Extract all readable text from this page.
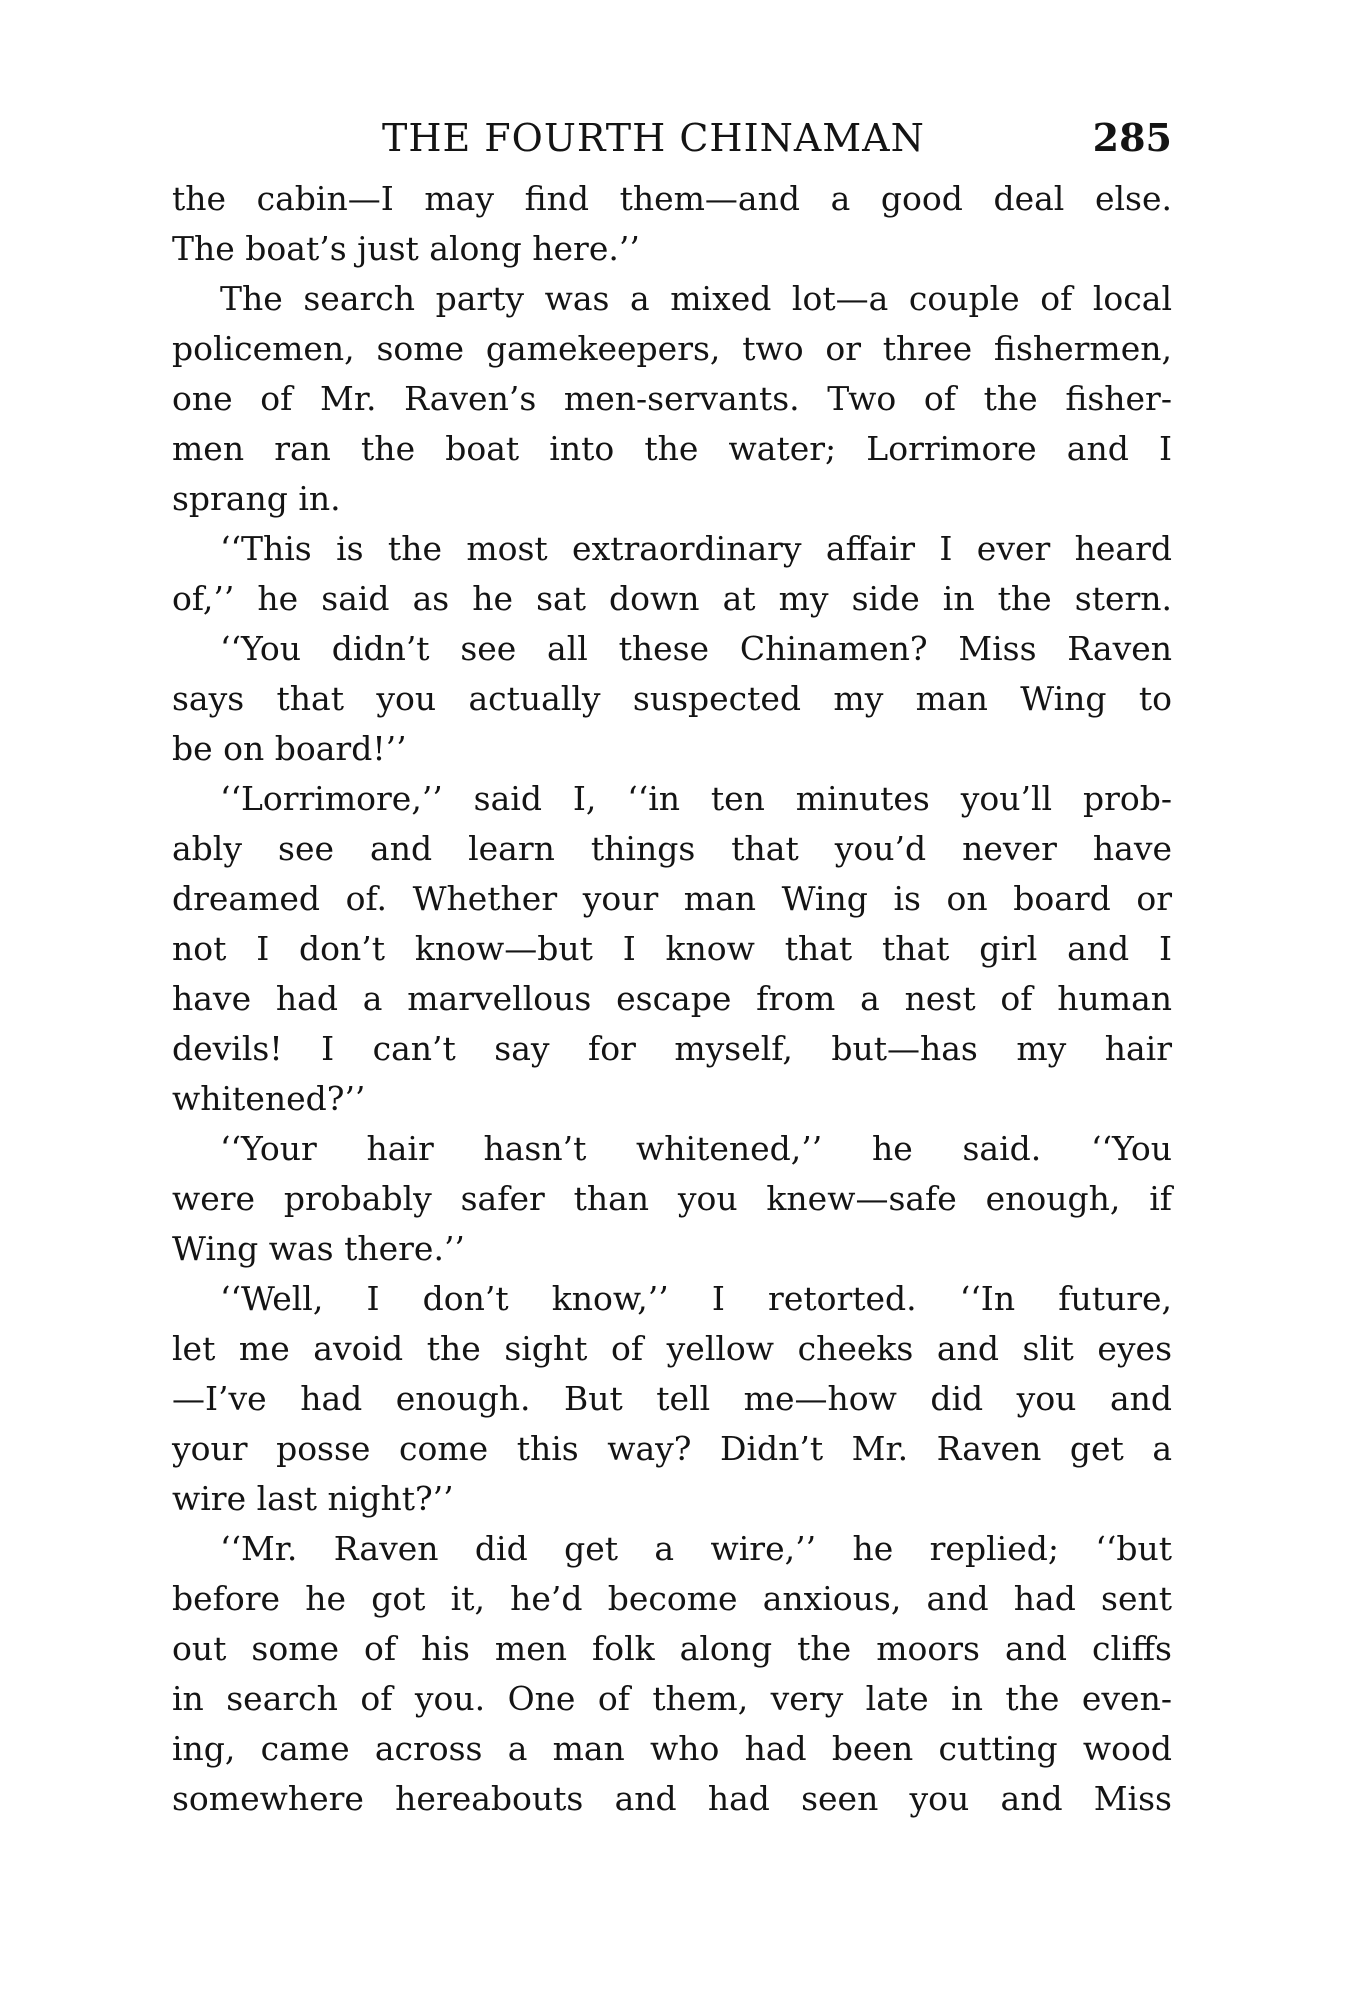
THE FOURTH CHINAMAN	285
the cabin—I may find them—and a good deal else.
The boat’s just along here.’’
The search party was a mixed lot—a couple of local
policemen, some gamekeepers, two or three fishermen,
one of Mr. Raven’s men-servants. Two of the fisher-
men ran the boat into the water; Lorrimore and I
sprang in.
‘‘This is the most extraordinary affair I ever heard
of,’’ he said as he sat down at my side in the stern.
‘‘You didn’t see all these Chinamen? Miss Raven
says that you actually suspected my man Wing to
be on board!’’
‘‘Lorrimore,’’ said I, ‘‘in ten minutes you’ll prob-
ably see and learn things that you’d never have
dreamed of. Whether your man Wing is on board or
not I don’t know—but I know that that girl and I
have had a marvellous escape from a nest of human
devils! I can’t say for myself, but—has my hair
whitened?’’
‘‘Your hair hasn’t whitened,’’ he said. ‘‘You
were probably safer than you knew—safe enough, if
Wing was there.’’
‘‘Well, I don’t know,’’ I retorted. ‘‘In future,
let me avoid the sight of yellow cheeks and slit eyes
—I’ve had enough. But tell me—how did you and
your posse come this way? Didn’t Mr. Raven get a
wire last night?’’
‘‘Mr. Raven did get a wire,’’ he replied; ‘‘but
before he got it, he’d become anxious, and had sent
out some of his men folk along the moors and cliffs
in search of you. One of them, very late in the even-
ing, came across a man who had been cutting wood
somewhere hereabouts and had seen you and Miss
